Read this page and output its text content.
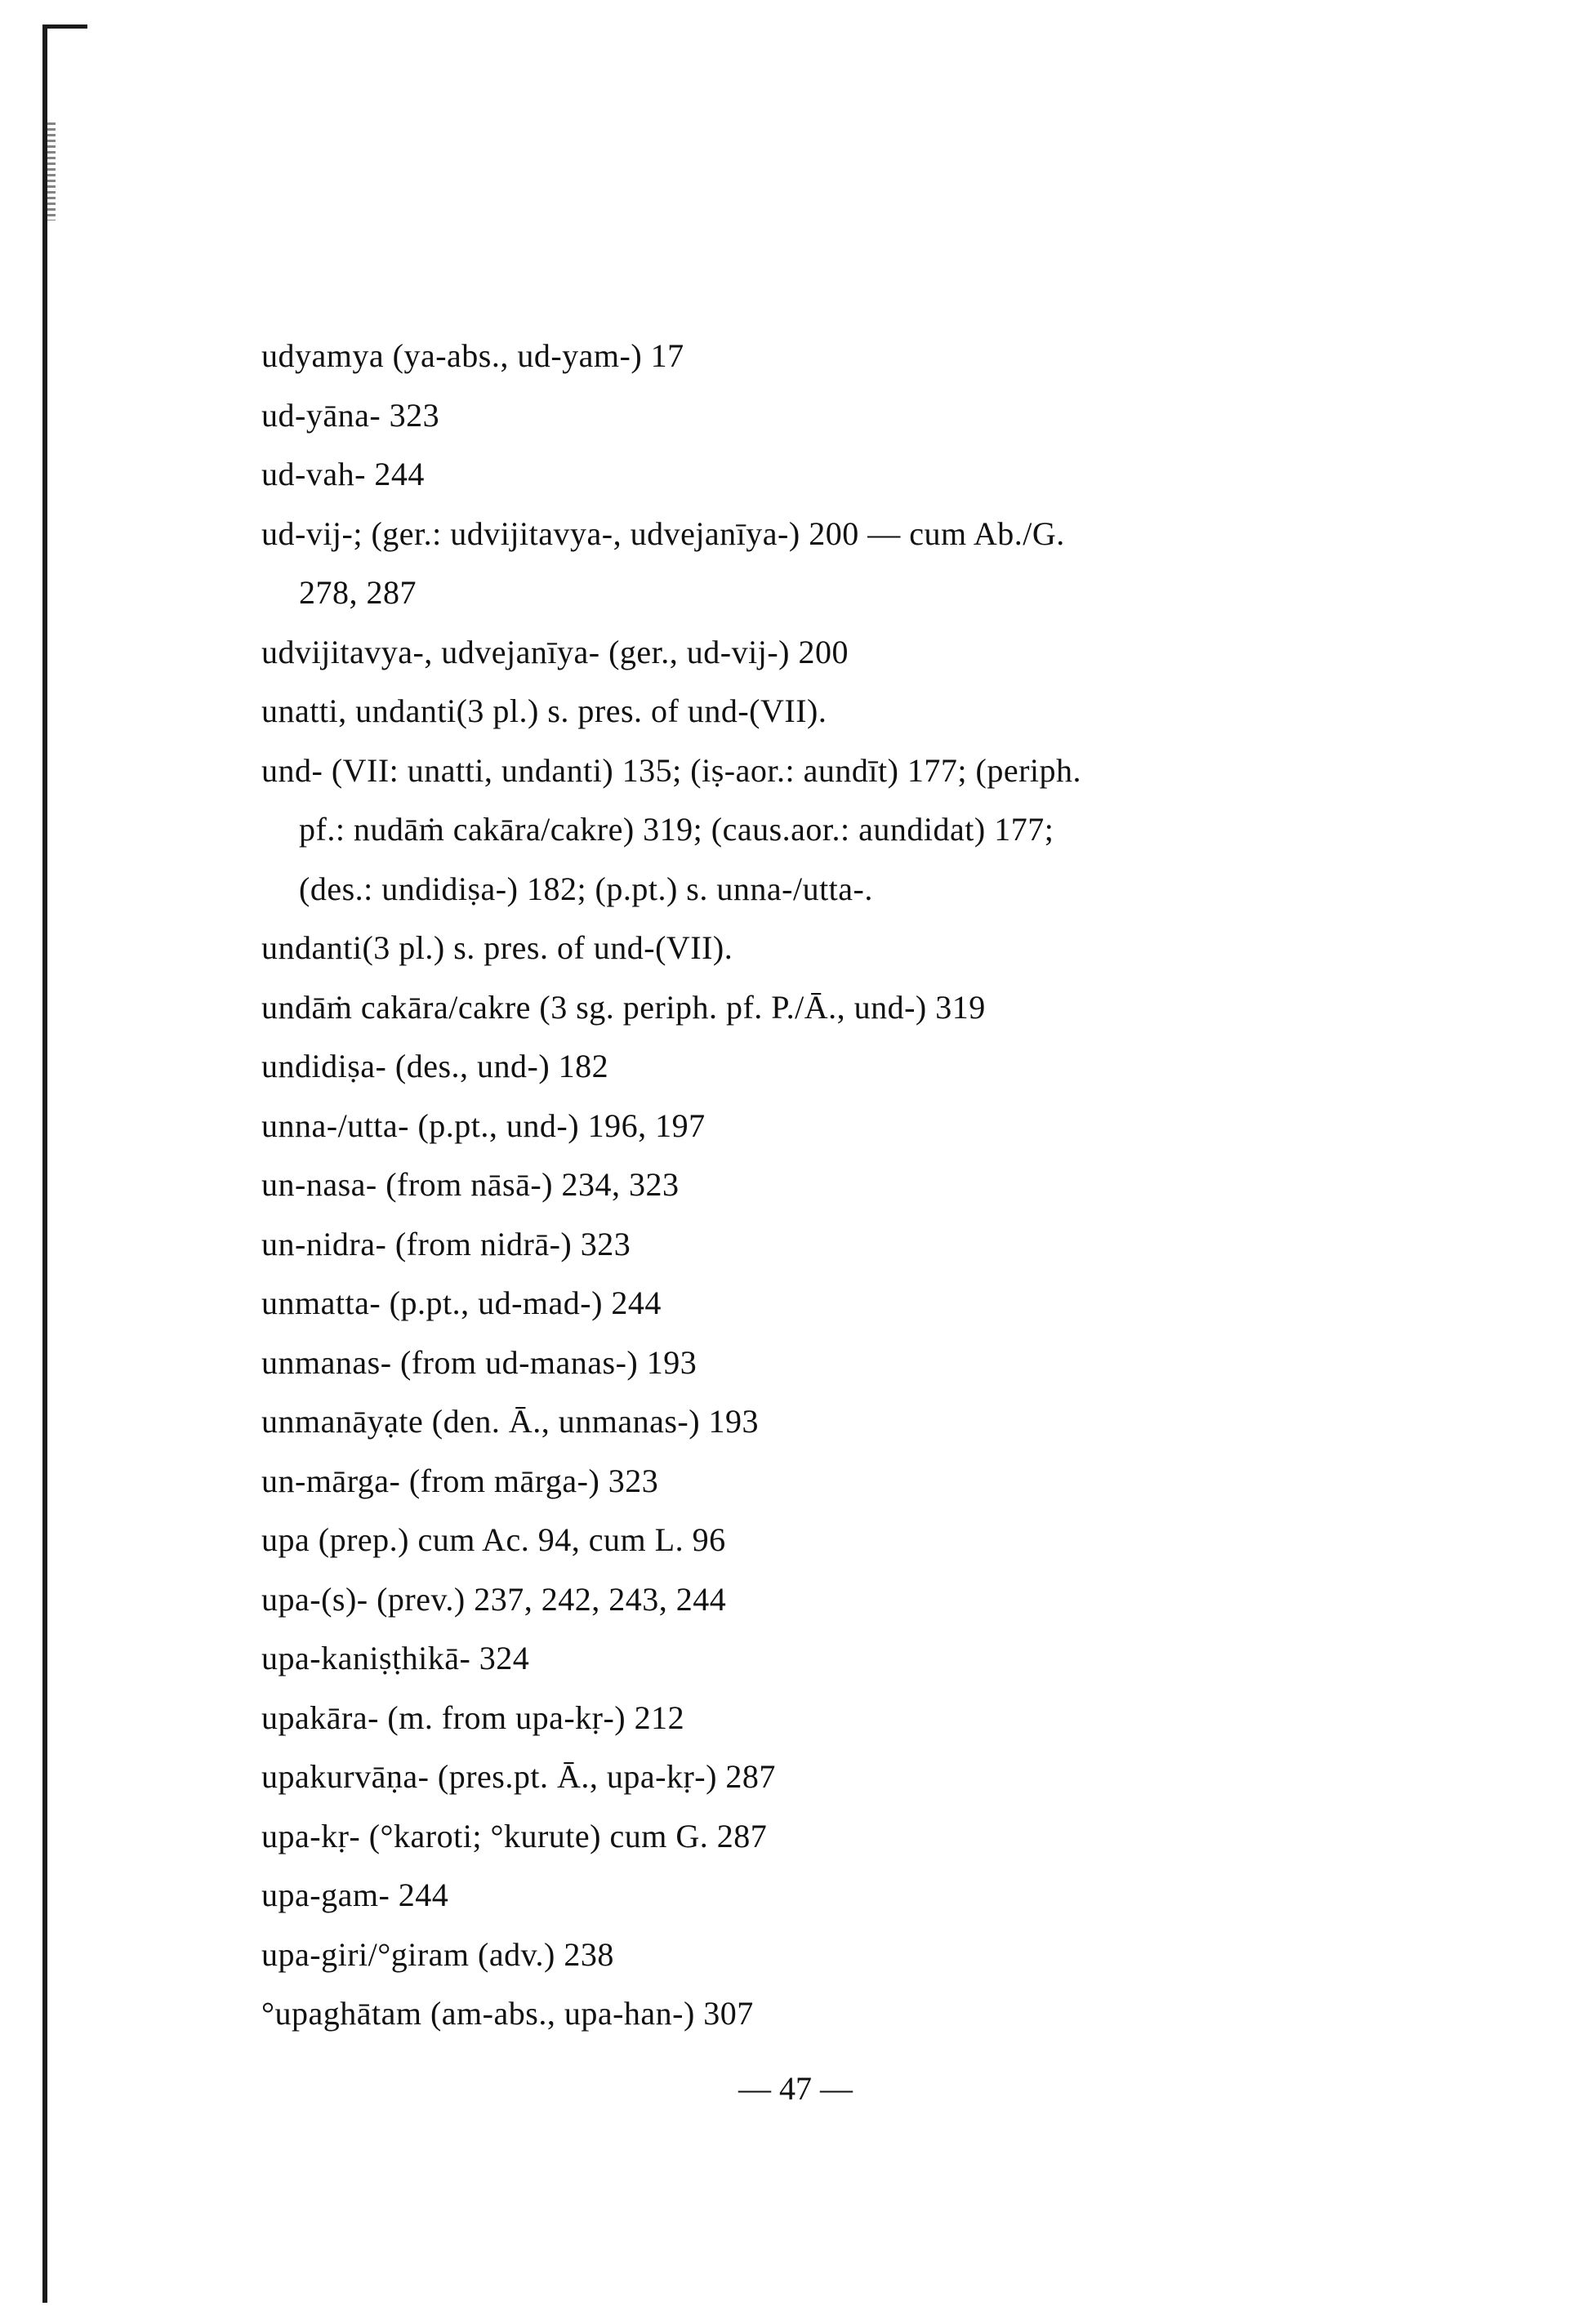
udyamya (ya-abs., ud-yam-) 17
ud-yāna- 323
ud-vah- 244
ud-vij-; (ger.: udvijitavya-, udvejanīya-) 200 — cum Ab./G.
278, 287
udvijitavya-, udvejanīya- (ger., ud-vij-) 200
unatti, undanti(3 pl.) s. pres. of und-(VII).
und- (VII: unatti, undanti) 135; (iṣ-aor.: aundīt) 177; (periph.
pf.: nudāṁ cakāra/cakre) 319; (caus.aor.: aundidat) 177;
(des.: undidiṣa-) 182; (p.pt.) s. unna-/utta-.
undanti(3 pl.) s. pres. of und-(VII).
undāṁ cakāra/cakre (3 sg. periph. pf. P./Ā., und-) 319
undidiṣa- (des., und-) 182
unna-/utta- (p.pt., und-) 196, 197
un-nasa- (from nāsā-) 234, 323
un-nidra- (from nidrā-) 323
unmatta- (p.pt., ud-mad-) 244
unmanas- (from ud-manas-) 193
unmanāyạte (den. Ā., unmanas-) 193
un-mārga- (from mārga-) 323
upa (prep.) cum Ac. 94, cum L. 96
upa-(s)- (prev.) 237, 242, 243, 244
upa-kaniṣṭhikā- 324
upakāra- (m. from upa-kṛ-) 212
upakurvāṇa- (pres.pt. Ā., upa-kṛ-) 287
upa-kṛ- (°karoti; °kurute) cum G. 287
upa-gam- 244
upa-giri/°giram (adv.) 238
°upaghātam (am-abs., upa-han-) 307
— 47 —
